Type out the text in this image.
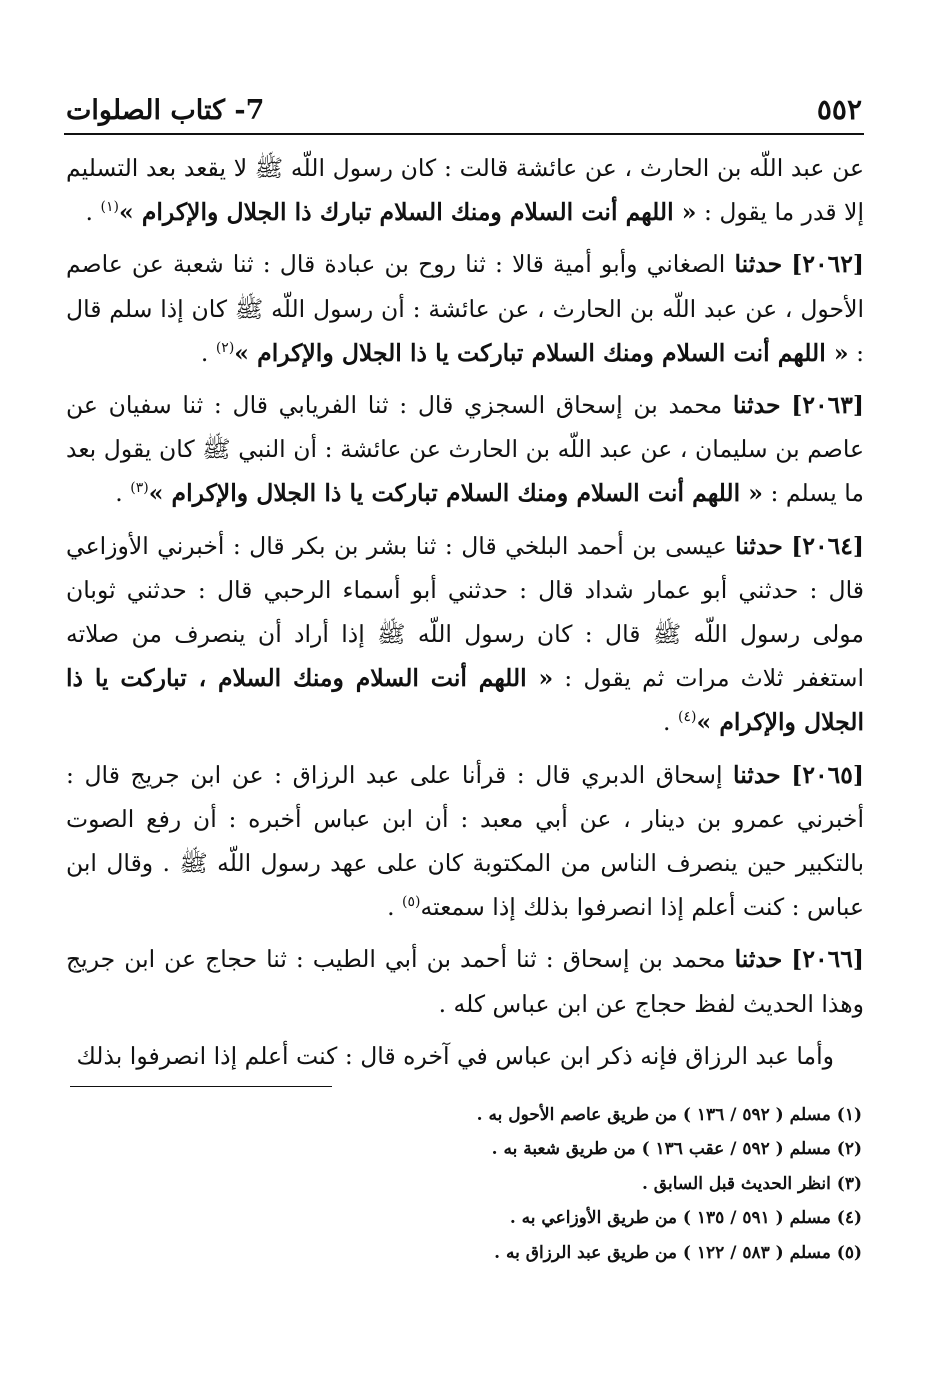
٥٥٢
7- كتاب الصلوات

عن عبد اللّه بن الحارث ، عن عائشة قالت : كان رسول اللّه ﷺ لا يقعد بعد التسليم إلا قدر ما يقول : « اللهم أنت السلام ومنك السلام تبارك ذا الجلال والإكرام »$^{(١)}$ .

[٢٠٦٢] حدثنا الصغاني وأبو أمية قالا : ثنا روح بن عبادة قال : ثنا شعبة عن عاصم الأحول ، عن عبد اللّه بن الحارث ، عن عائشة : أن رسول اللّه ﷺ كان إذا سلم قال : « اللهم أنت السلام ومنك السلام تباركت يا ذا الجلال والإكرام »$^{(٢)}$ .

[٢٠٦٣] حدثنا محمد بن إسحاق السجزي قال : ثنا الفريابي قال : ثنا سفيان عن عاصم بن سليمان ، عن عبد اللّه بن الحارث عن عائشة : أن النبي ﷺ كان يقول بعد ما يسلم : « اللهم أنت السلام ومنك السلام تباركت يا ذا الجلال والإكرام »$^{(٣)}$ .

[٢٠٦٤] حدثنا عيسى بن أحمد البلخي قال : ثنا بشر بن بكر قال : أخبرني الأوزاعي قال : حدثني أبو عمار شداد قال : حدثني أبو أسماء الرحبي قال : حدثني ثوبان مولى رسول اللّه ﷺ قال : كان رسول اللّه ﷺ إذا أراد أن ينصرف من صلاته استغفر ثلاث مرات ثم يقول : « اللهم أنت السلام ومنك السلام ، تباركت يا ذا الجلال والإكرام »$^{(٤)}$ .

[٢٠٦٥] حدثنا إسحاق الدبري قال : قرأنا على عبد الرزاق : عن ابن جريج قال : أخبرني عمرو بن دينار ، عن أبي معبد : أن ابن عباس أخبره : أن رفع الصوت بالتكبير حين ينصرف الناس من المكتوبة كان على عهد رسول اللّه ﷺ . وقال ابن عباس : كنت أعلم إذا انصرفوا بذلك إذا سمعته$^{(٥)}$ .

[٢٠٦٦] حدثنا محمد بن إسحاق : ثنا أحمد بن أبي الطيب : ثنا حجاج عن ابن جريج وهذا الحديث لفظ حجاج عن ابن عباس كله .

وأما عبد الرزاق فإنه ذكر ابن عباس في آخره قال : كنت أعلم إذا انصرفوا بذلك

(١) مسلم ( ٥٩٢ / ١٣٦ ) من طريق عاصم الأحول به .

(٢) مسلم ( ٥٩٢ / عقب ١٣٦ ) من طريق شعبة به .

(٣) انظر الحديث قبل السابق .

(٤) مسلم ( ٥٩١ / ١٣٥ ) من طريق الأوزاعي به .

(٥) مسلم ( ٥٨٣ / ١٢٢ ) من طريق عبد الرزاق به .
